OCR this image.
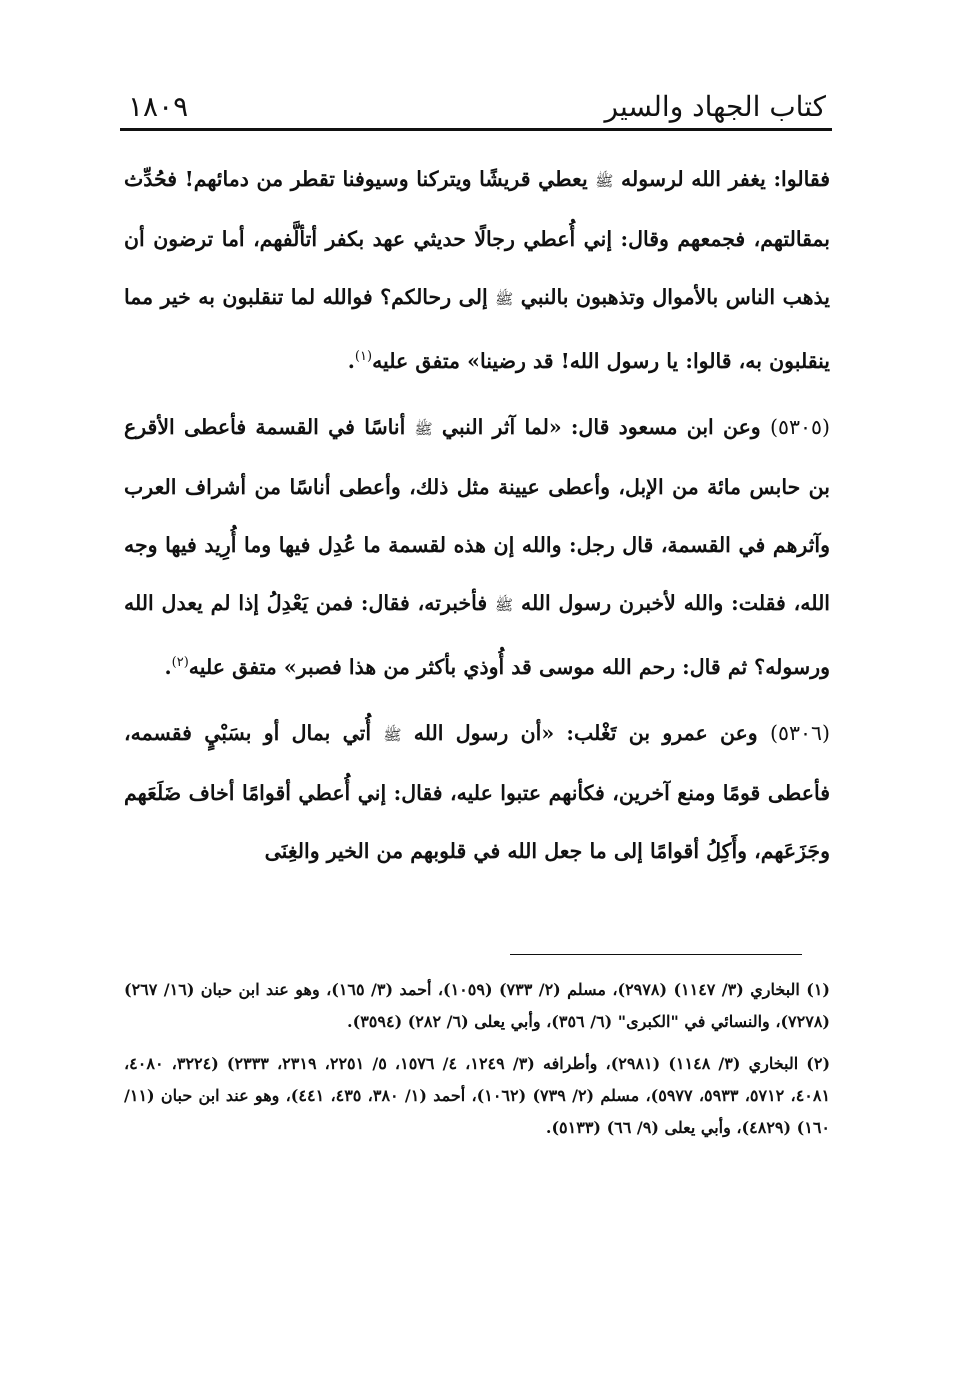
كتاب الجهاد والسير
١٨٠٩

فقالوا: يغفر الله لرسوله ﷺ يعطي قريشًا ويتركنا وسيوفنا تقطر من دمائهم! فحُدِّث بمقالتهم، فجمعهم وقال: إني أُعطي رجالًا حديثي عهد بكفر أتألَّفهم، أما ترضون أن يذهب الناس بالأموال وتذهبون بالنبي ﷺ إلى رحالكم؟ فوالله لما تنقلبون به خير مما ينقلبون به، قالوا: يا رسول الله! قد رضينا» متفق عليه$^{(١)}$.

(٥٣٠٥) وعن ابن مسعود قال: «لما آثر النبي ﷺ أناسًا في القسمة فأعطى الأقرع بن حابس مائة من الإبل، وأعطى عيينة مثل ذلك، وأعطى أناسًا من أشراف العرب وآثرهم في القسمة، قال رجل: والله إن هذه لقسمة ما عُدِل فيها وما أُرِيد فيها وجه الله، فقلت: والله لأخبرن رسول الله ﷺ فأخبرته، فقال: فمن يَعْدِلُ إذا لم يعدل الله ورسوله؟ ثم قال: رحم الله موسى قد أُوذي بأكثر من هذا فصبر» متفق عليه$^{(٢)}$.

(٥٣٠٦) وعن عمرو بن تَغْلب: «أن رسول الله ﷺ أُتي بمال أو بسَبْيٍ فقسمه، فأعطى قومًا ومنع آخرين، فكأنهم عتبوا عليه، فقال: إني أُعطي أقوامًا أخاف ضَلَعَهم وجَزَعَهم، وأَكِلُ أقوامًا إلى ما جعل الله في قلوبهم من الخير والغِنَى

(١) البخاري (٣/ ١١٤٧) (٢٩٧٨)، مسلم (٢/ ٧٣٣) (١٠٥٩)، أحمد (٣/ ١٦٥)، وهو عند ابن حبان (١٦/ ٢٦٧) (٧٢٧٨)، والنسائي في "الكبرى" (٦/ ٣٥٦)، وأبي يعلى (٦/ ٢٨٢) (٣٥٩٤).

(٢) البخاري (٣/ ١١٤٨) (٢٩٨١)، وأطرافه (٣/ ١٢٤٩، ٤/ ١٥٧٦، ٥/ ٢٢٥١، ٢٣١٩، ٢٣٣٣) (٣٢٢٤، ٤٠٨٠، ٤٠٨١، ٥٧١٢، ٥٩٣٣، ٥٩٧٧)، مسلم (٢/ ٧٣٩) (١٠٦٢)، أحمد (١/ ٣٨٠، ٤٣٥، ٤٤١)، وهو عند ابن حبان (١١/ ١٦٠) (٤٨٢٩)، وأبي يعلى (٩/ ٦٦) (٥١٣٣).
